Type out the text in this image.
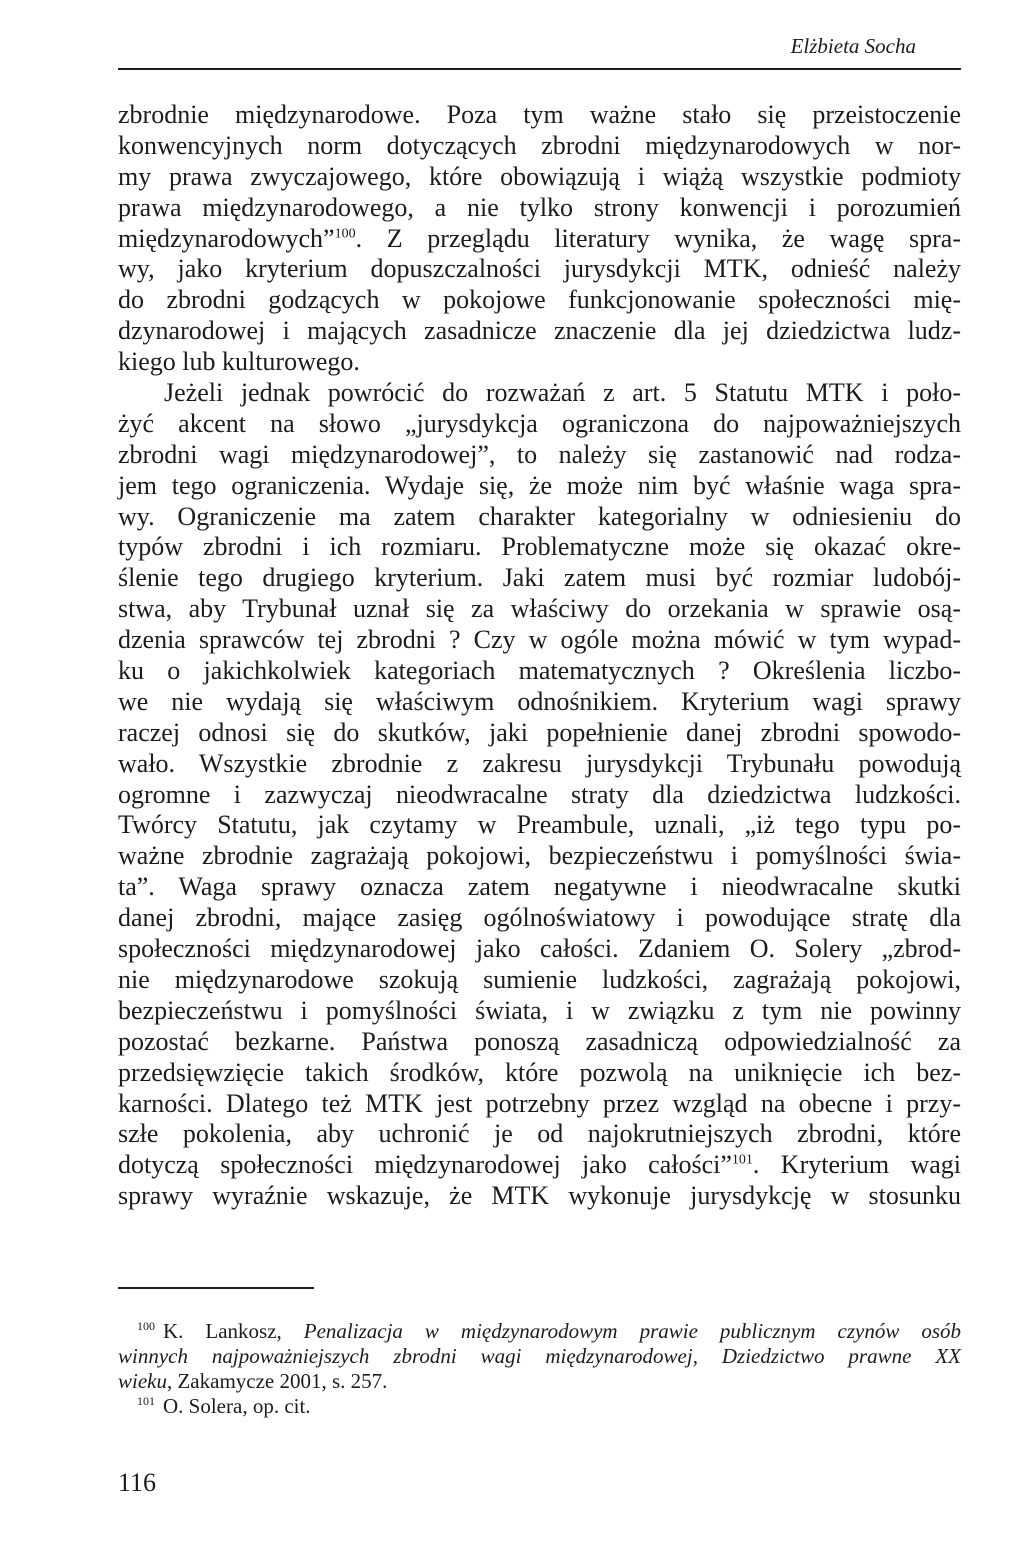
Elżbieta Socha
zbrodnie międzynarodowe. Poza tym ważne stało się przeistoczenie
konwencyjnych norm dotyczących zbrodni międzynarodowych w nor-
my prawa zwyczajowego, które obowiązują i wiążą wszystkie podmioty
prawa międzynarodowego, a nie tylko strony konwencji i porozumień
międzynarodowych”$^{100}$. Z przeglądu literatury wynika, że wagę spra-
wy, jako kryterium dopuszczalności jurysdykcji MTK, odnieść należy
do zbrodni godzących w pokojowe funkcjonowanie społeczności mię-
dzynarodowej i mających zasadnicze znaczenie dla jej dziedzictwa ludz-
kiego lub kulturowego.
Jeżeli jednak powrócić do rozważań z art. 5 Statutu MTK i poło-
żyć akcent na słowo „jurysdykcja ograniczona do najpoważniejszych
zbrodni wagi międzynarodowej”, to należy się zastanowić nad rodza-
jem tego ograniczenia. Wydaje się, że może nim być właśnie waga spra-
wy. Ograniczenie ma zatem charakter kategorialny w odniesieniu do
typów zbrodni i ich rozmiaru. Problematyczne może się okazać okre-
ślenie tego drugiego kryterium. Jaki zatem musi być rozmiar ludobój-
stwa, aby Trybunał uznał się za właściwy do orzekania w sprawie osą-
dzenia sprawców tej zbrodni ? Czy w ogóle można mówić w tym wypad-
ku o jakichkolwiek kategoriach matematycznych ? Określenia liczbo-
we nie wydają się właściwym odnośnikiem. Kryterium wagi sprawy
raczej odnosi się do skutków, jaki popełnienie danej zbrodni spowodo-
wało. Wszystkie zbrodnie z zakresu jurysdykcji Trybunału powodują
ogromne i zazwyczaj nieodwracalne straty dla dziedzictwa ludzkości.
Twórcy Statutu, jak czytamy w Preambule, uznali, „iż tego typu po-
ważne zbrodnie zagrażają pokojowi, bezpieczeństwu i pomyślności świa-
ta”. Waga sprawy oznacza zatem negatywne i nieodwracalne skutki
danej zbrodni, mające zasięg ogólnoświatowy i powodujące stratę dla
społeczności międzynarodowej jako całości. Zdaniem O. Solery „zbrod-
nie międzynarodowe szokują sumienie ludzkości, zagrażają pokojowi,
bezpieczeństwu i pomyślności świata, i w związku z tym nie powinny
pozostać bezkarne. Państwa ponoszą zasadniczą odpowiedzialność za
przedsięwzięcie takich środków, które pozwolą na uniknięcie ich bez-
karności. Dlatego też MTK jest potrzebny przez wzgląd na obecne i przy-
szłe pokolenia, aby uchronić je od najokrutniejszych zbrodni, które
dotyczą społeczności międzynarodowej jako całości”$^{101}$. Kryterium wagi
sprawy wyraźnie wskazuje, że MTK wykonuje jurysdykcję w stosunku
$^{100}$ K. Lankosz, Penalizacja w międzynarodowym prawie publicznym czynów osób
winnych najpoważniejszych zbrodni wagi międzynarodowej, Dziedzictwo prawne XX
wieku, Zakamycze 2001, s. 257.
$^{101}$ O. Solera, op. cit.
116
